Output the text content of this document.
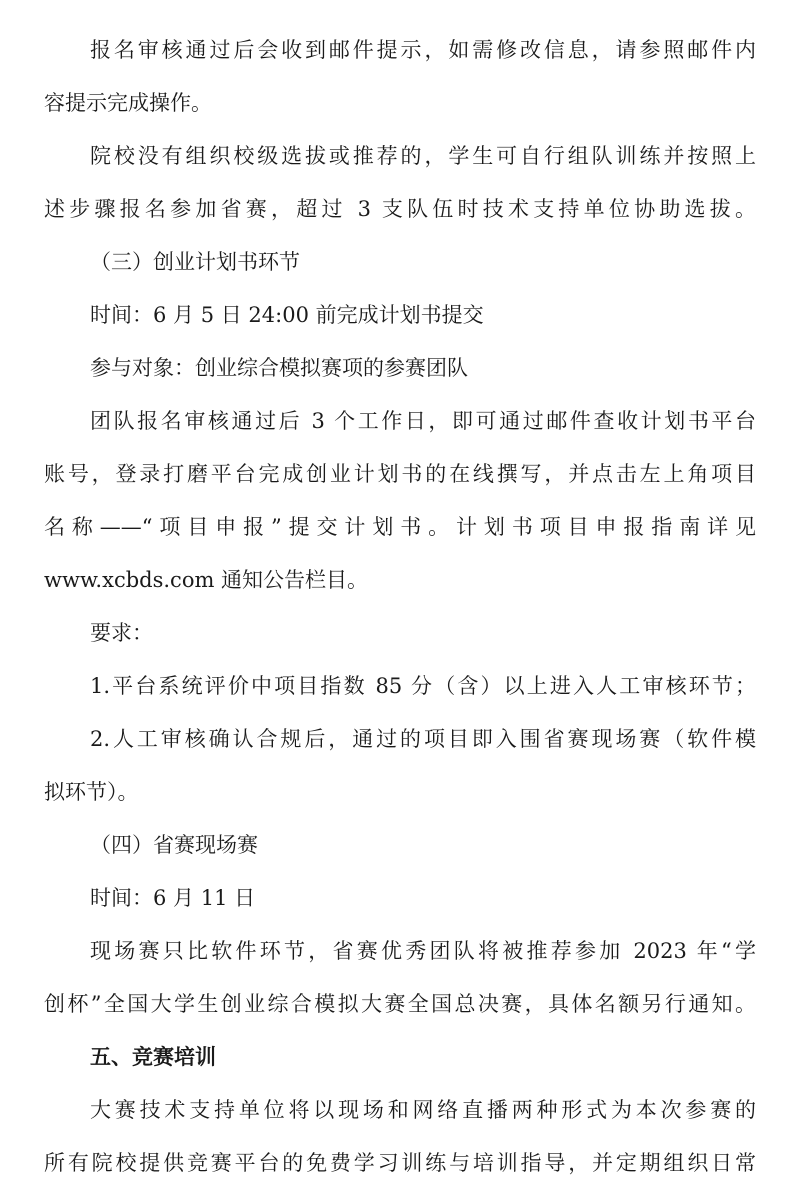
报名审核通过后会收到邮件提示，如需修改信息，请参照邮件内
容提示完成操作。
院校没有组织校级选拔或推荐的，学生可自行组队训练并按照上
述步骤报名参加省赛，超过 3 支队伍时技术支持单位协助选拔。
（三）创业计划书环节
时间：6 月 5 日 24:00 前完成计划书提交
参与对象：创业综合模拟赛项的参赛团队
团队报名审核通过后 3 个工作日，即可通过邮件查收计划书平台
账号，登录打磨平台完成创业计划书的在线撰写，并点击左上角项目
名称——“项目申报”提交计划书。计划书项目申报指南详见
www.xcbds.com 通知公告栏目。
要求：
1.平台系统评价中项目指数 85 分（含）以上进入人工审核环节；
2.人工审核确认合规后，通过的项目即入围省赛现场赛（软件模
拟环节）。
（四）省赛现场赛
时间：6 月 11 日
现场赛只比软件环节，省赛优秀团队将被推荐参加 2023 年“学
创杯”全国大学生创业综合模拟大赛全国总决赛，具体名额另行通知。
五、竞赛培训
大赛技术支持单位将以现场和网络直播两种形式为本次参赛的
所有院校提供竞赛平台的免费学习训练与培训指导，并定期组织日常
